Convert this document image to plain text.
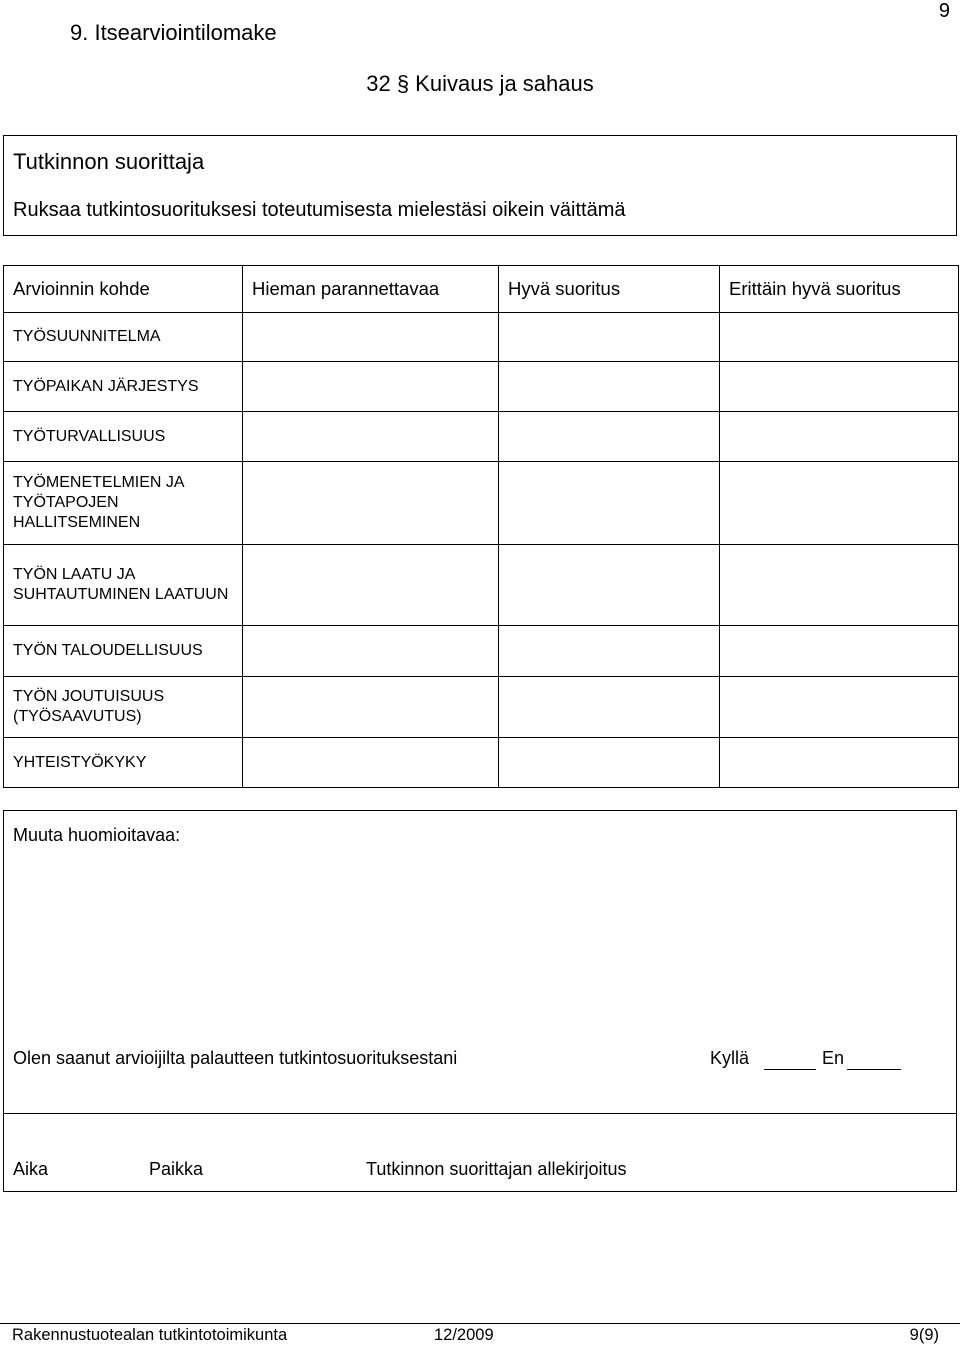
9
9. Itsearviointilomake
32 § Kuivaus ja sahaus
Tutkinnon suorittaja
Ruksaa tutkintosuorituksesi toteutumisesta mielestäsi oikein väittämä
Arvioinnin kohde	Hieman parannettavaa	Hyvä suoritus	Erittäin hyvä suoritus
TYÖSUUNNITELMA			
TYÖPAIKAN JÄRJESTYS			
TYÖTURVALLISUUS			
TYÖMENETELMIEN JA TYÖTAPOJEN HALLITSEMINEN			
TYÖN LAATU JA SUHTAUTUMINEN LAATUUN			
TYÖN TALOUDELLISUUS			
TYÖN JOUTUISUUS (TYÖSAAVUTUS)			
YHTEISTYÖKYKY			
Muuta huomioitavaa:
Olen saanut arvioijilta palautteen tutkintosuorituksestani	Kyllä	En
Aika	Paikka	Tutkinnon suorittajan allekirjoitus
Rakennustuotealan tutkintotoimikunta	12/2009	9(9)
